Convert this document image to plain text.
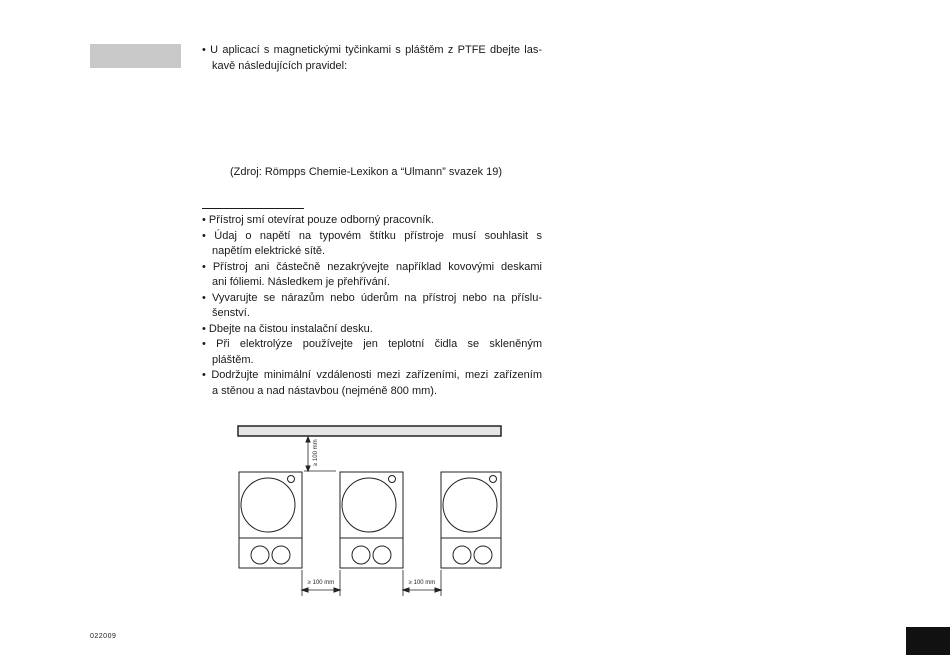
• U aplicací s magnetickými tyčinkami s pláštěm z PTFE dbejte las-

kavě následujících pravidel:

(Zdroj: Römpps Chemie-Lexikon a “Ulmann” svazek 19)

• Přístroj smí otevírat pouze odborný pracovník.

• Údaj o napětí na typovém štítku přístroje musí souhlasit s

napětím elektrické sítě.

• Přístroj ani částečně nezakrývejte například kovovými deskami

ani fóliemi. Následkem je přehřívání.

• Vyvarujte se nárazům nebo úderům na přístroj nebo na příslu-

šenství.

• Dbejte na čistou instalační desku.

• Při elektrolýze používejte jen teplotní čidla se skleněným

pláštěm.

• Dodržujte minimální vzdálenosti mezi zařízeními, mezi zařízením

a stěnou a nad nástavbou (nejméně 800 mm).

≥ 100 mm
≥ 100 mm	≥ 100 mm
022009
